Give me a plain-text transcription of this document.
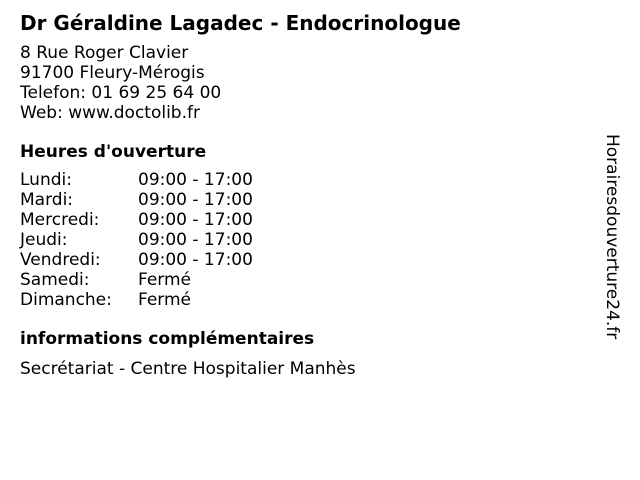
Dr Géraldine Lagadec - Endocrinologue
8 Rue Roger Clavier
91700 Fleury-Mérogis
Telefon: 01 69 25 64 00
Web: www.doctolib.fr
Heures d'ouverture
Lundi:	09:00 - 17:00
Mardi:	09:00 - 17:00
Mercredi:	09:00 - 17:00
Jeudi:	09:00 - 17:00
Vendredi:	09:00 - 17:00
Samedi:	Fermé
Dimanche:	Fermé
informations complémentaires
Secrétariat - Centre Hospitalier Manhès
Horairesdouverture24.fr
